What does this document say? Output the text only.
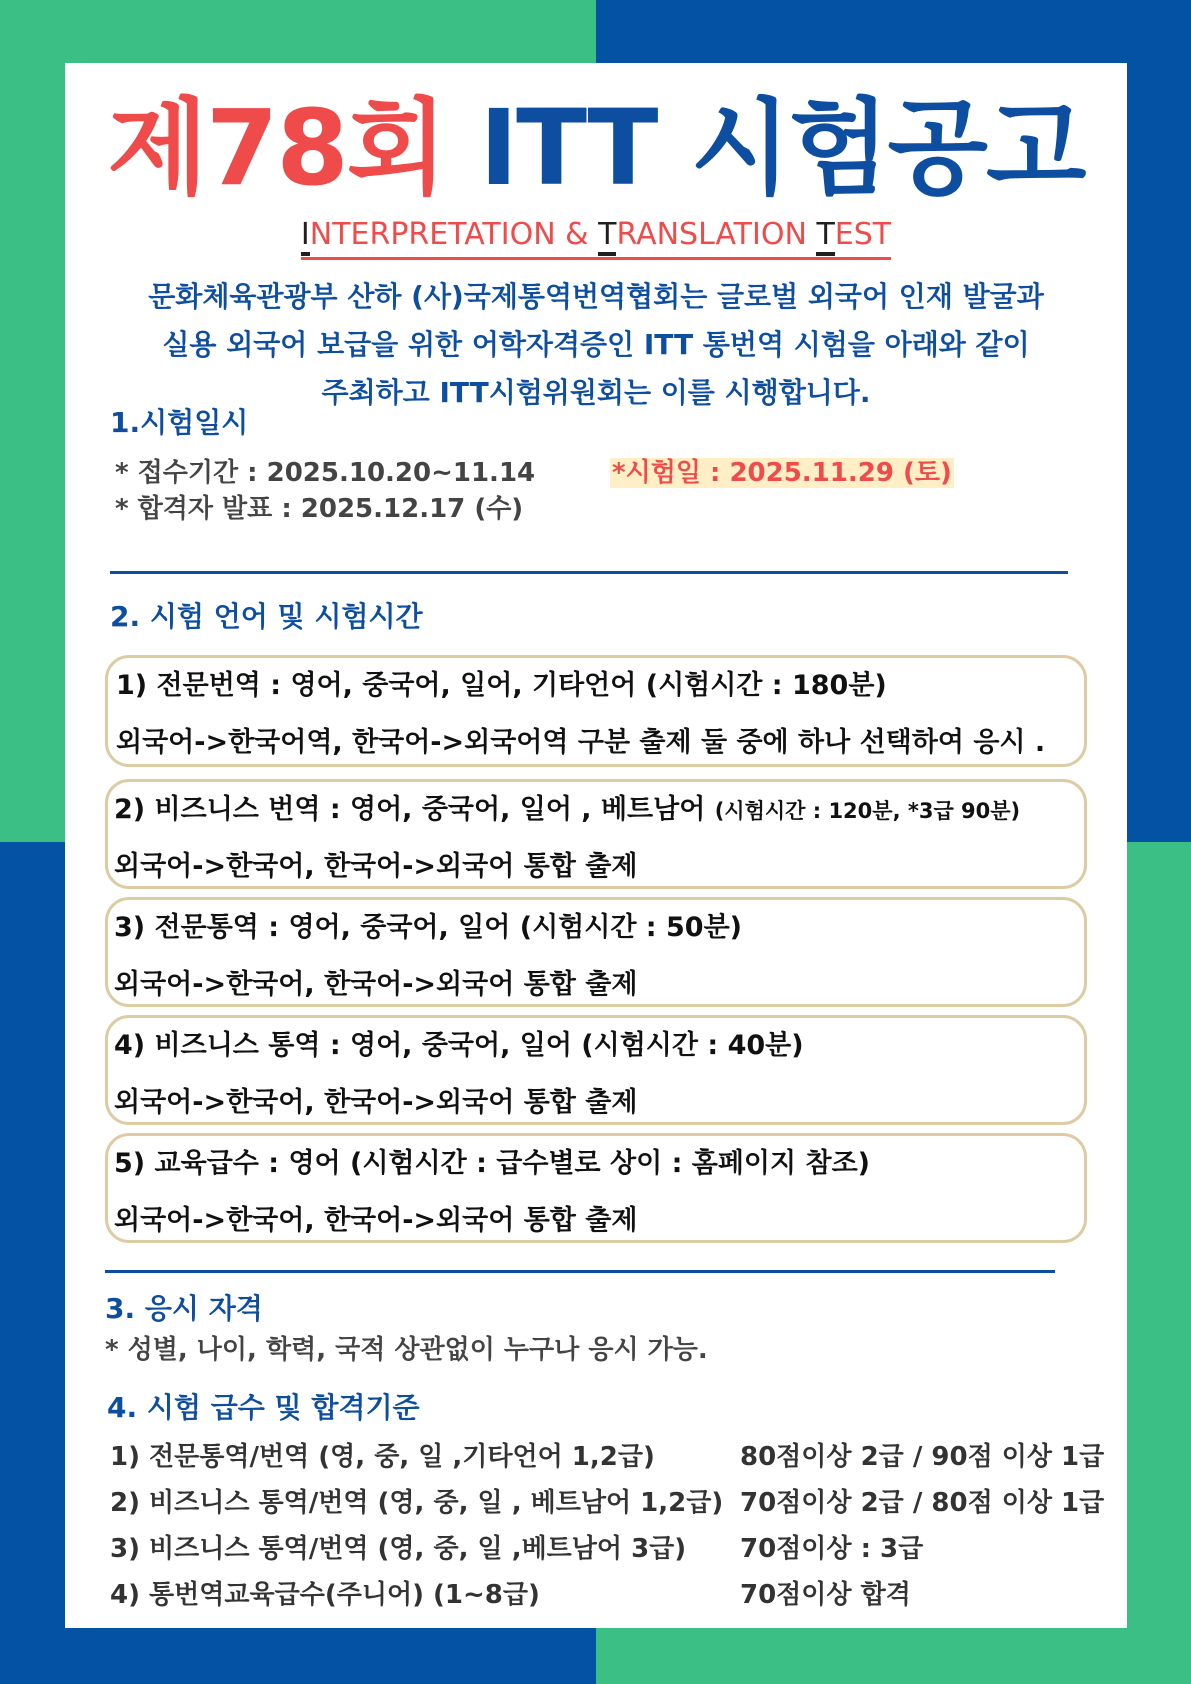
제78회 ITT 시험공고
INTERPRETATION & TRANSLATION TEST

문화체육관광부 산하 (사)국제통역번역협회는 글로벌 외국어 인재 발굴과

실용 외국어 보급을 위한 어학자격증인 ITT 통번역 시험을 아래와 같이

주최하고 ITT시험위원회는 이를 시행합니다.

1.시험일시
* 접수기간 : 2025.10.20~11.14	*시험일 : 2025.11.29 (토)
* 합격자 발표 : 2025.12.17 (수)
2. 시험 언어 및 시험시간

1) 전문번역 : 영어, 중국어, 일어, 기타언어 (시험시간 : 180분)

외국어->한국어역, 한국어->외국어역 구분 출제 둘 중에 하나 선택하여 응시 .

2) 비즈니스 번역 : 영어, 중국어, 일어 , 베트남어 (시험시간 : 120분, *3급 90분)

외국어->한국어, 한국어->외국어 통합 출제

3) 전문통역 : 영어, 중국어, 일어 (시험시간 : 50분)

외국어->한국어, 한국어->외국어 통합 출제

4) 비즈니스 통역 : 영어, 중국어, 일어 (시험시간 : 40분)

외국어->한국어, 한국어->외국어 통합 출제

5) 교육급수 : 영어 (시험시간 : 급수별로 상이 : 홈페이지 참조)

외국어->한국어, 한국어->외국어 통합 출제

3. 응시 자격
* 성별, 나이, 학력, 국적 상관없이 누구나 응시 가능.
4. 시험 급수 및 합격기준
1) 전문통역/번역 (영, 중, 일 ,기타언어 1,2급)	80점이상 2급 / 90점 이상 1급
2) 비즈니스 통역/번역 (영, 중, 일 , 베트남어 1,2급) 70점이상 2급 / 80점 이상 1급
3) 비즈니스 통역/번역 (영, 중, 일 ,베트남어 3급) 70점이상 : 3급
4) 통번역교육급수(주니어) (1~8급)	70점이상 합격
